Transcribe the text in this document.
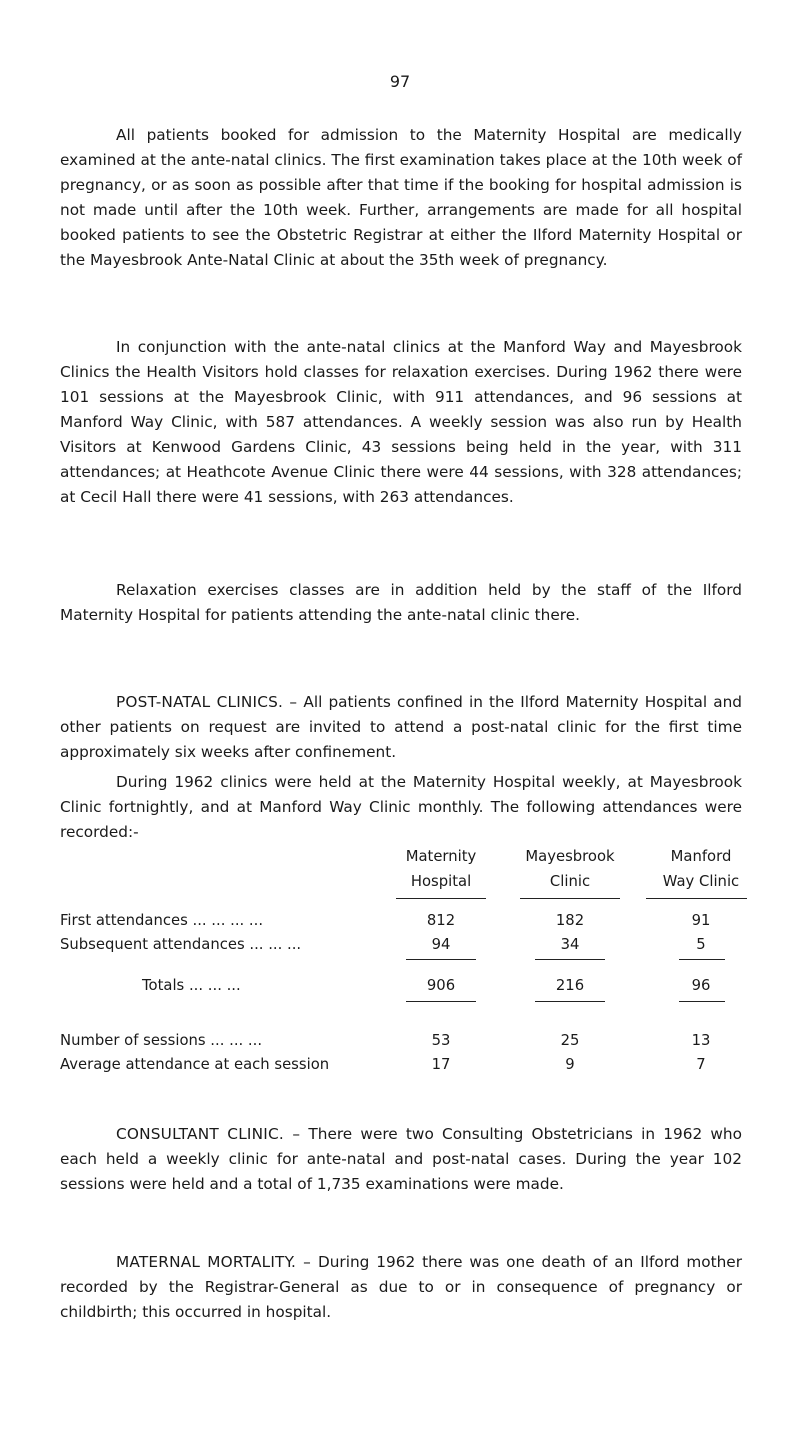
97

All patients booked for admission to the Maternity Hospital are medically examined at the ante-natal clinics. The first examination takes place at the 10th week of pregnancy, or as soon as possible after that time if the booking for hospital admission is not made until after the 10th week. Further, arrangements are made for all hospital booked patients to see the Obstetric Registrar at either the Ilford Maternity Hospital or the Mayesbrook Ante-Natal Clinic at about the 35th week of pregnancy.

In conjunction with the ante-natal clinics at the Manford Way and Mayesbrook Clinics the Health Visitors hold classes for relaxation exercises. During 1962 there were 101 sessions at the Mayesbrook Clinic, with 911 attendances, and 96 sessions at Manford Way Clinic, with 587 attendances. A weekly session was also run by Health Visitors at Kenwood Gardens Clinic, 43 sessions being held in the year, with 311 attendances; at Heathcote Avenue Clinic there were 44 sessions, with 328 attendances; at Cecil Hall there were 41 sessions, with 263 attendances.

Relaxation exercises classes are in addition held by the staff of the Ilford Maternity Hospital for patients attending the ante-natal clinic there.

POST-NATAL CLINICS. – All patients confined in the Ilford Maternity Hospital and other patients on request are invited to attend a post-natal clinic for the first time approximately six weeks after confinement.

During 1962 clinics were held at the Maternity Hospital weekly, at Mayesbrook Clinic fortnightly, and at Manford Way Clinic monthly. The following attendances were recorded:-

Maternity
Hospital
Mayesbrook
Clinic
Manford
Way Clinic
First attendances ... ... ... ...	812	182	91
Subsequent attendances ... ... ...	94	34	5
Totals ... ... ...	906	216	96
Number of sessions ... ... ...	53	25	13
Average attendance at each session	17	9	7

CONSULTANT CLINIC. – There were two Consulting Obstetricians in 1962 who each held a weekly clinic for ante-natal and post-natal cases. During the year 102 sessions were held and a total of 1,735 examinations were made.

MATERNAL MORTALITY. – During 1962 there was one death of an Ilford mother recorded by the Registrar-General as due to or in consequence of pregnancy or childbirth; this occurred in hospital.
